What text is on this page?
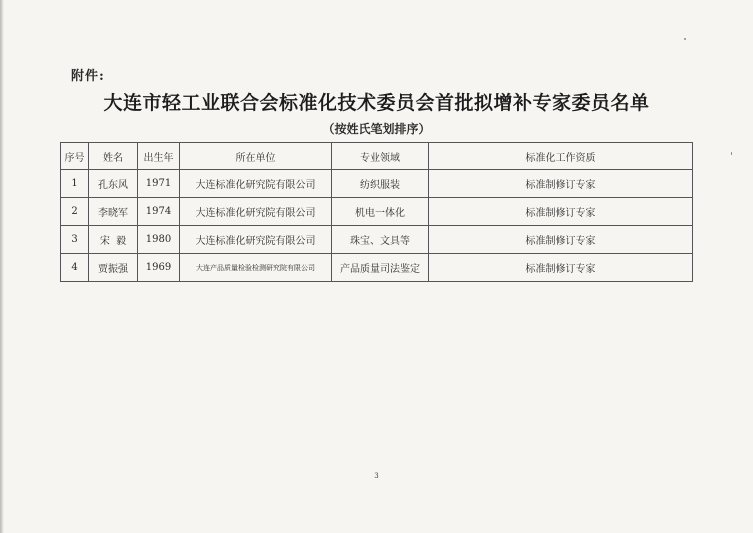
附件:
大连市轻工业联合会标准化技术委员会首批拟增补专家委员名单
（按姓氏笔划排序）
序号	姓名	出生年	所在单位	专业领域	标准化工作资质
1	孔东风	1971	大连标准化研究院有限公司	纺织服装	标准制修订专家
2	李晓军	1974	大连标准化研究院有限公司	机电一体化	标准制修订专家
3	宋  毅	1980	大连标准化研究院有限公司	珠宝、文具等	标准制修订专家
4	贾振强	1969	大连产品质量检验检测研究院有限公司	产品质量司法鉴定	标准制修订专家
3
